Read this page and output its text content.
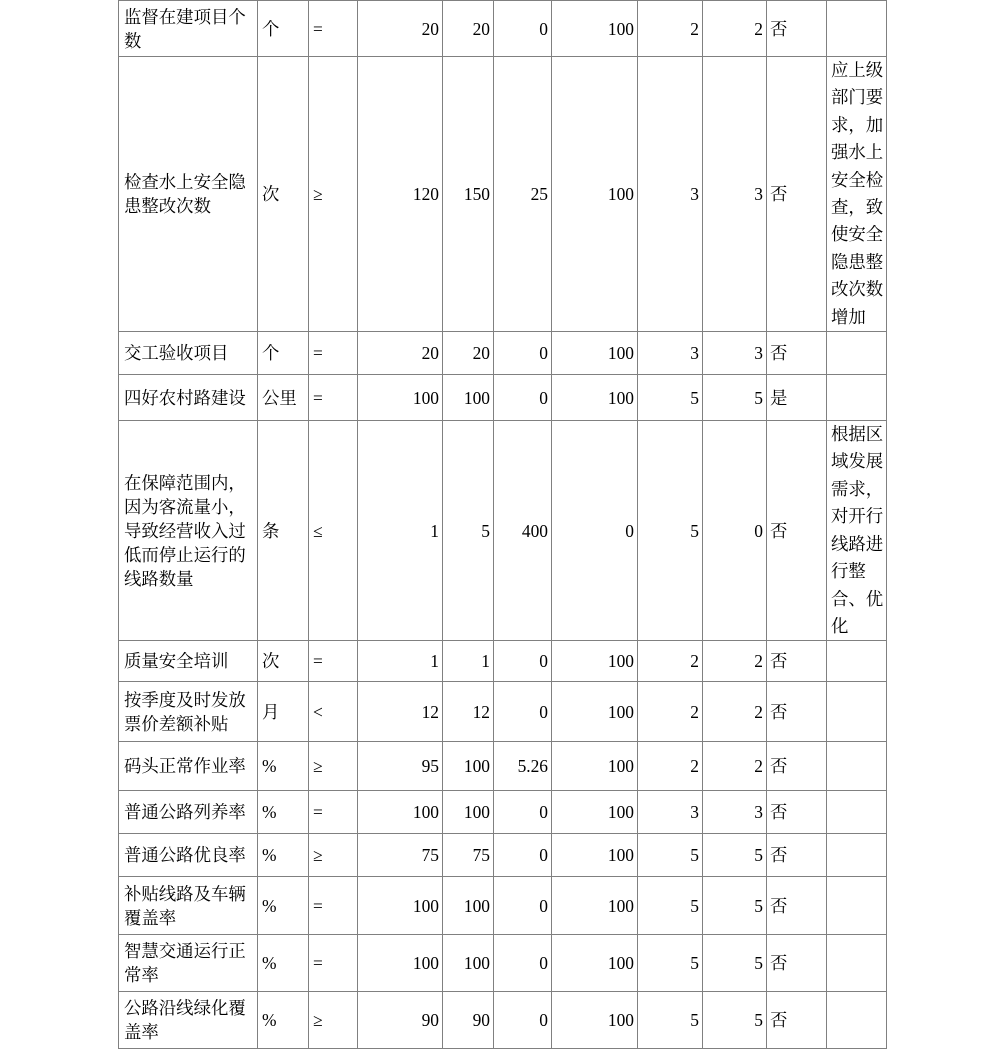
监督在建项目个数	个	=	20	20	0	100	2	2	否	
检查水上安全隐患整改次数	次	≥	120	150	25	100	3	3	否	应上级部门要求，加强水上安全检查，致使安全隐患整改次数增加
交工验收项目	个	=	20	20	0	100	3	3	否	
四好农村路建设	公里	=	100	100	0	100	5	5	是	
在保障范围内，因为客流量小，导致经营收入过低而停止运行的线路数量	条	≤	1	5	400	0	5	0	否	根据区域发展需求，对开行线路进行整合、优化
质量安全培训	次	=	1	1	0	100	2	2	否	
按季度及时发放票价差额补贴	月	<	12	12	0	100	2	2	否	
码头正常作业率	%	≥	95	100	5.26	100	2	2	否	
普通公路列养率	%	=	100	100	0	100	3	3	否	
普通公路优良率	%	≥	75	75	0	100	5	5	否	
补贴线路及车辆覆盖率	%	=	100	100	0	100	5	5	否	
智慧交通运行正常率	%	=	100	100	0	100	5	5	否	
公路沿线绿化覆盖率	%	≥	90	90	0	100	5	5	否	
